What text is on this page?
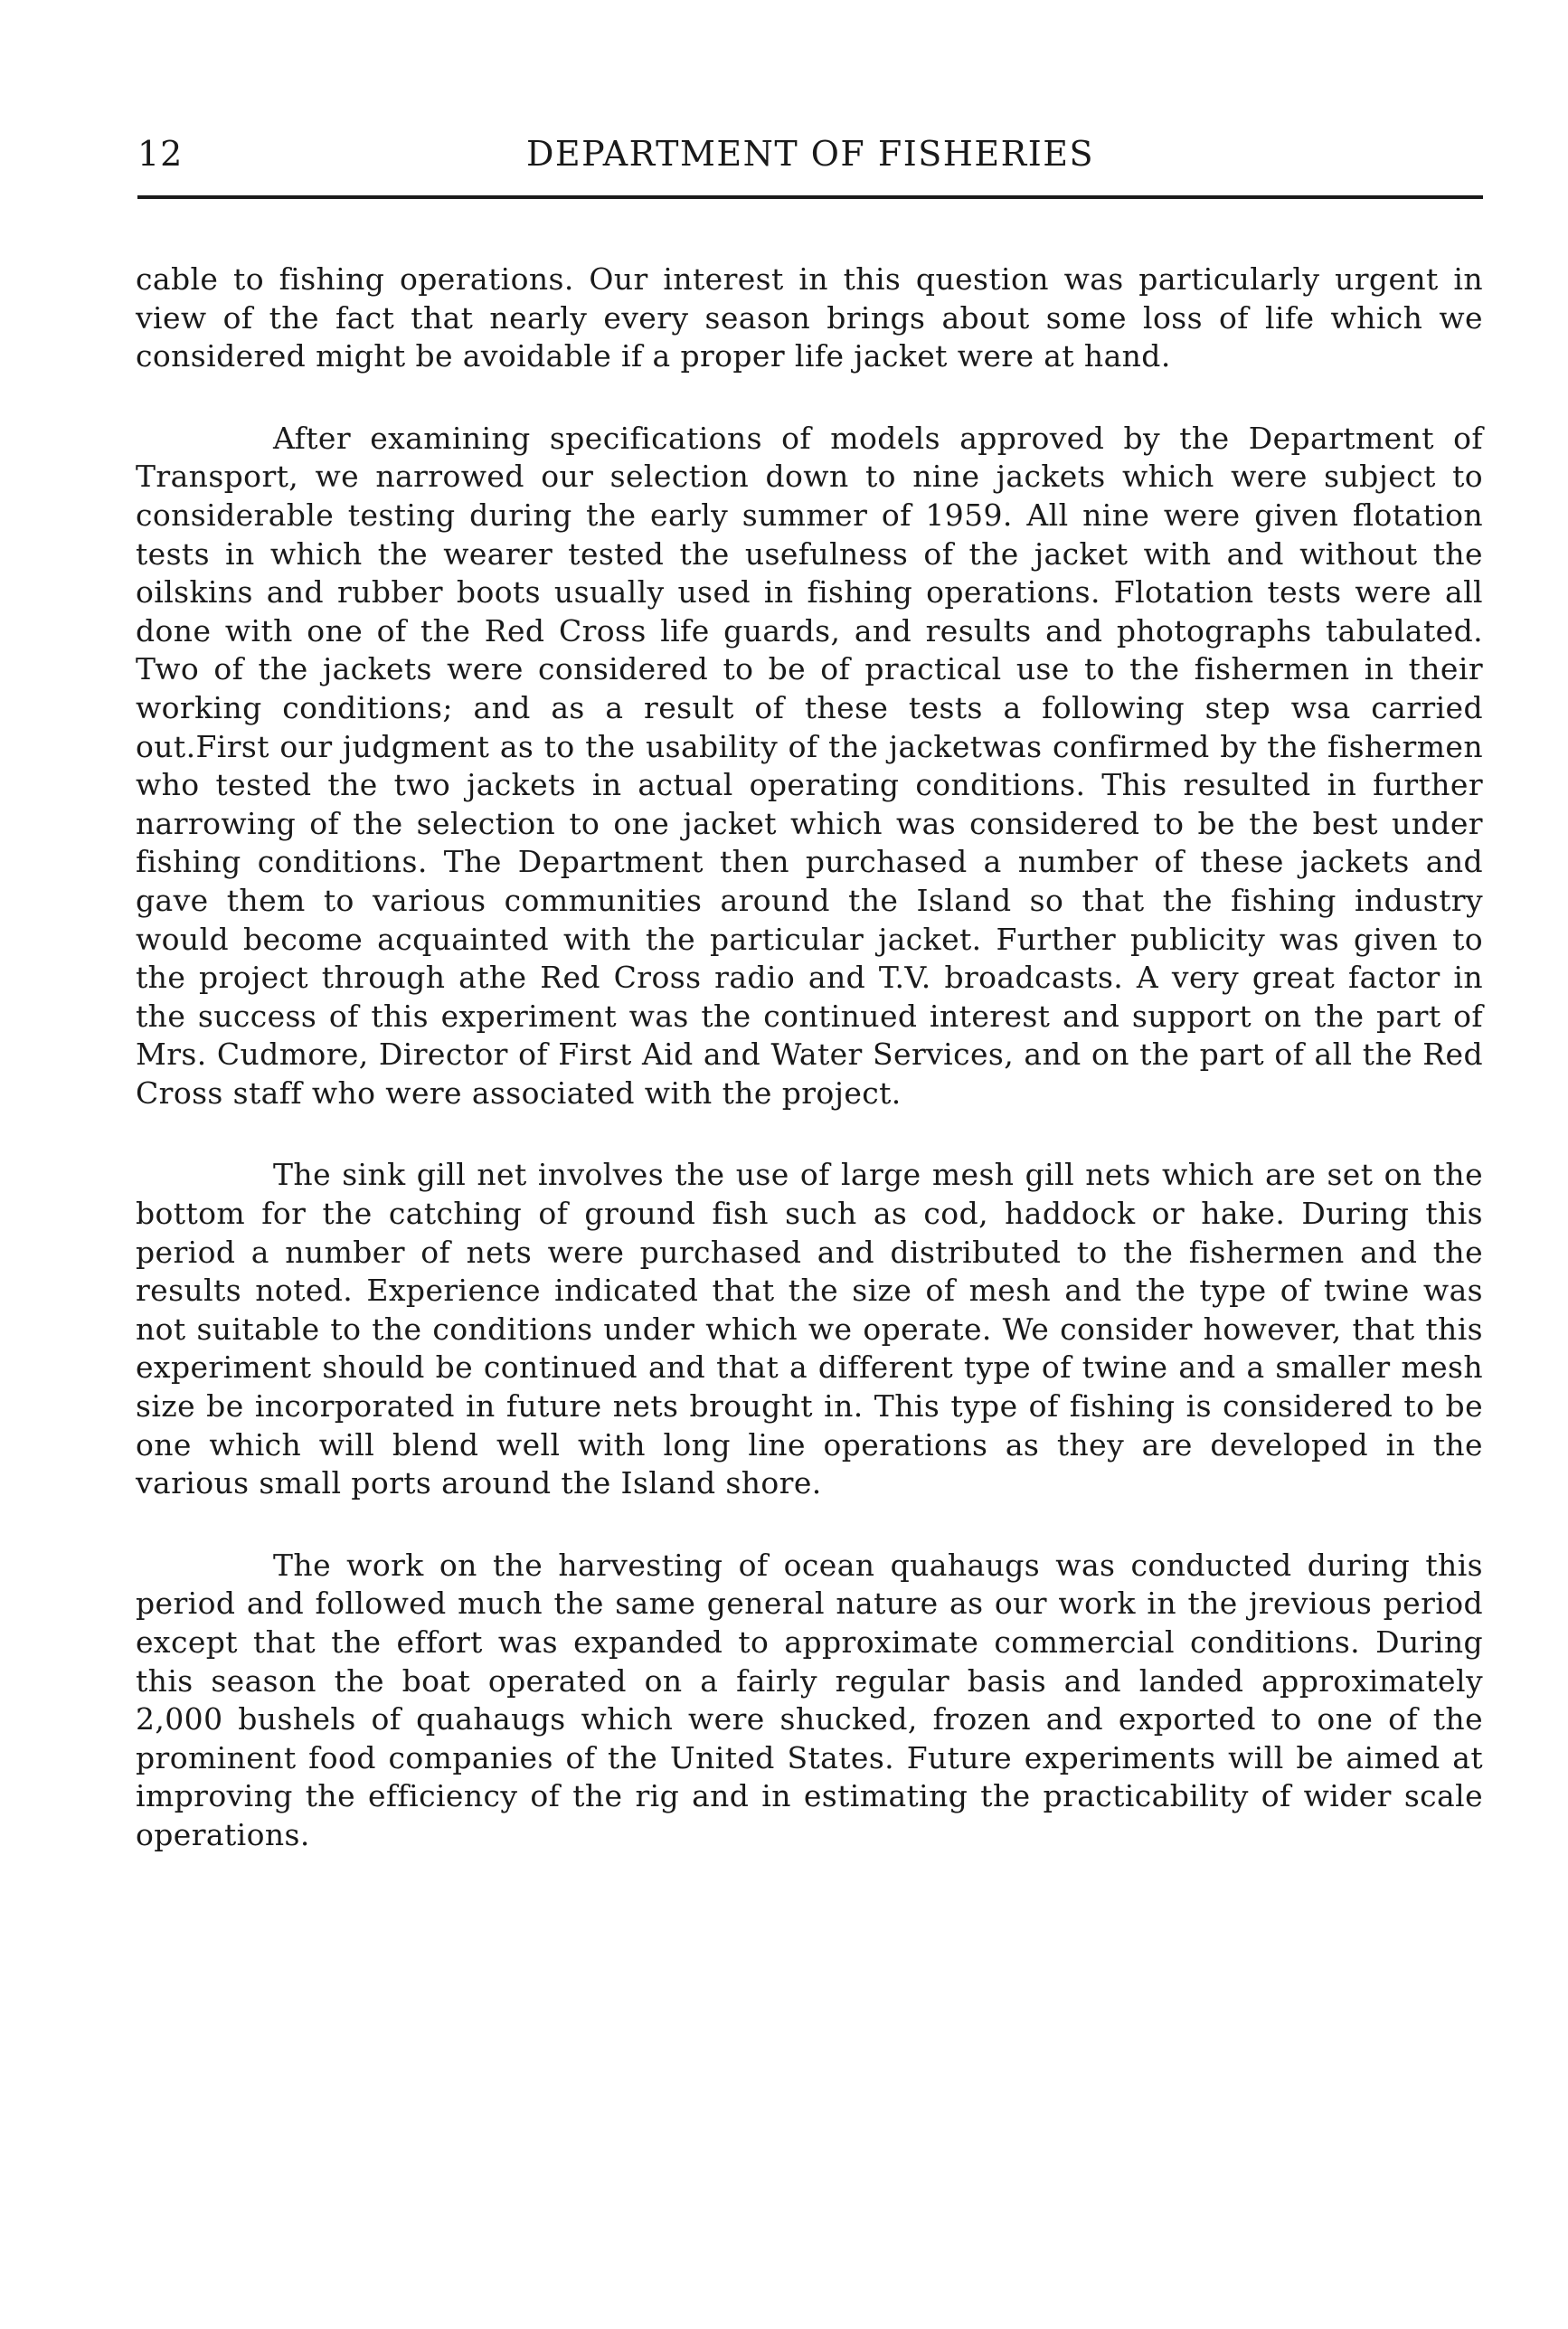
12	DEPARTMENT OF FISHERIES

cable to fishing operations. Our interest in this question was particularly urgent in view of the fact that nearly every season brings about some loss of life which we considered might be avoidable if a proper life jacket were at hand.

After examining specifications of models approved by the Department of Transport, we narrowed our selection down to nine jackets which were subject to considerable testing during the early summer of 1959. All nine were given flotation tests in which the wearer tested the usefulness of the jacket with and without the oilskins and rubber boots usually used in fishing operations. Flotation tests were all done with one of the Red Cross life guards, and results and photographs tabulated. Two of the jackets were considered to be of practical use to the fishermen in their working conditions; and as a result of these tests a following step wsa carried out.First our judgment as to the usability of the jacketwas confirmed by the fishermen who tested the two jackets in actual operating conditions. This resulted in further narrowing of the selection to one jacket which was considered to be the best under fishing conditions. The Department then purchased a number of these jackets and gave them to various communities around the Island so that the fishing industry would become acquainted with the particular jacket. Further publicity was given to the project through athe Red Cross radio and T.V. broadcasts. A very great factor in the success of this experiment was the continued interest and support on the part of Mrs. Cudmore, Director of First Aid and Water Services, and on the part of all the Red Cross staff who were associated with the project.

The sink gill net involves the use of large mesh gill nets which are set on the bottom for the catching of ground fish such as cod, haddock or hake. During this period a number of nets were purchased and distributed to the fishermen and the results noted. Experience indicated that the size of mesh and the type of twine was not suitable to the conditions under which we operate. We consider however, that this experiment should be continued and that a different type of twine and a smaller mesh size be incorporated in future nets brought in. This type of fishing is considered to be one which will blend well with long line operations as they are developed in the various small ports around the Island shore.

The work on the harvesting of ocean quahaugs was conducted during this period and followed much the same general nature as our work in the jrevious period except that the effort was expanded to approximate commercial conditions. During this season the boat operated on a fairly regular basis and landed approximately 2,000 bushels of quahaugs which were shucked, frozen and exported to one of the prominent food companies of the United States. Future experiments will be aimed at improving the efficiency of the rig and in estimating the practicability of wider scale operations.
